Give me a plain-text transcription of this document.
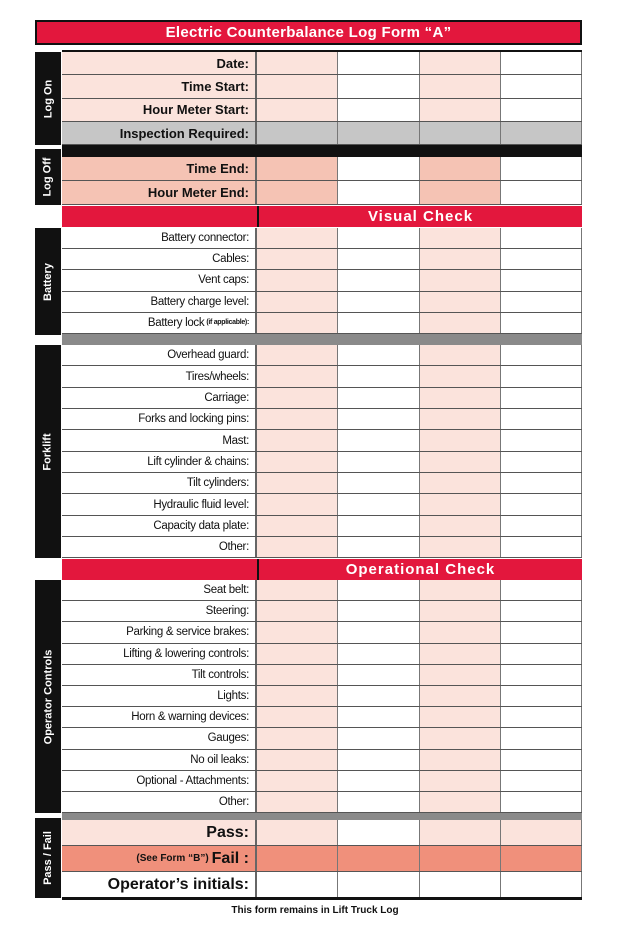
Electric Counterbalance Log Form “A”
Log On
Date:
Time Start:
Hour Meter Start:
Inspection Required:
Log Off	Time End:
Hour Meter End:
Visual Check
Battery
Battery connector:
Cables:
Vent caps:
Battery charge level:
Battery lock (if applicable):
Forklift
Overhead guard:
Tires/wheels:
Carriage:
Forks and locking pins:
Mast:
Lift cylinder & chains:
Tilt cylinders:
Hydraulic fluid level:
Capacity data plate:
Other:
Operational Check
Operator Controls
Seat belt:
Steering:
Parking & service brakes:
Lifting & lowering controls:
Tilt controls:
Lights:
Horn & warning devices:
Gauges:
No oil leaks:
Optional - Attachments:
Other:
Pass / Fail	Pass:
(See Form “B”) Fail :
Operator’s initials:
This form remains in Lift Truck Log
